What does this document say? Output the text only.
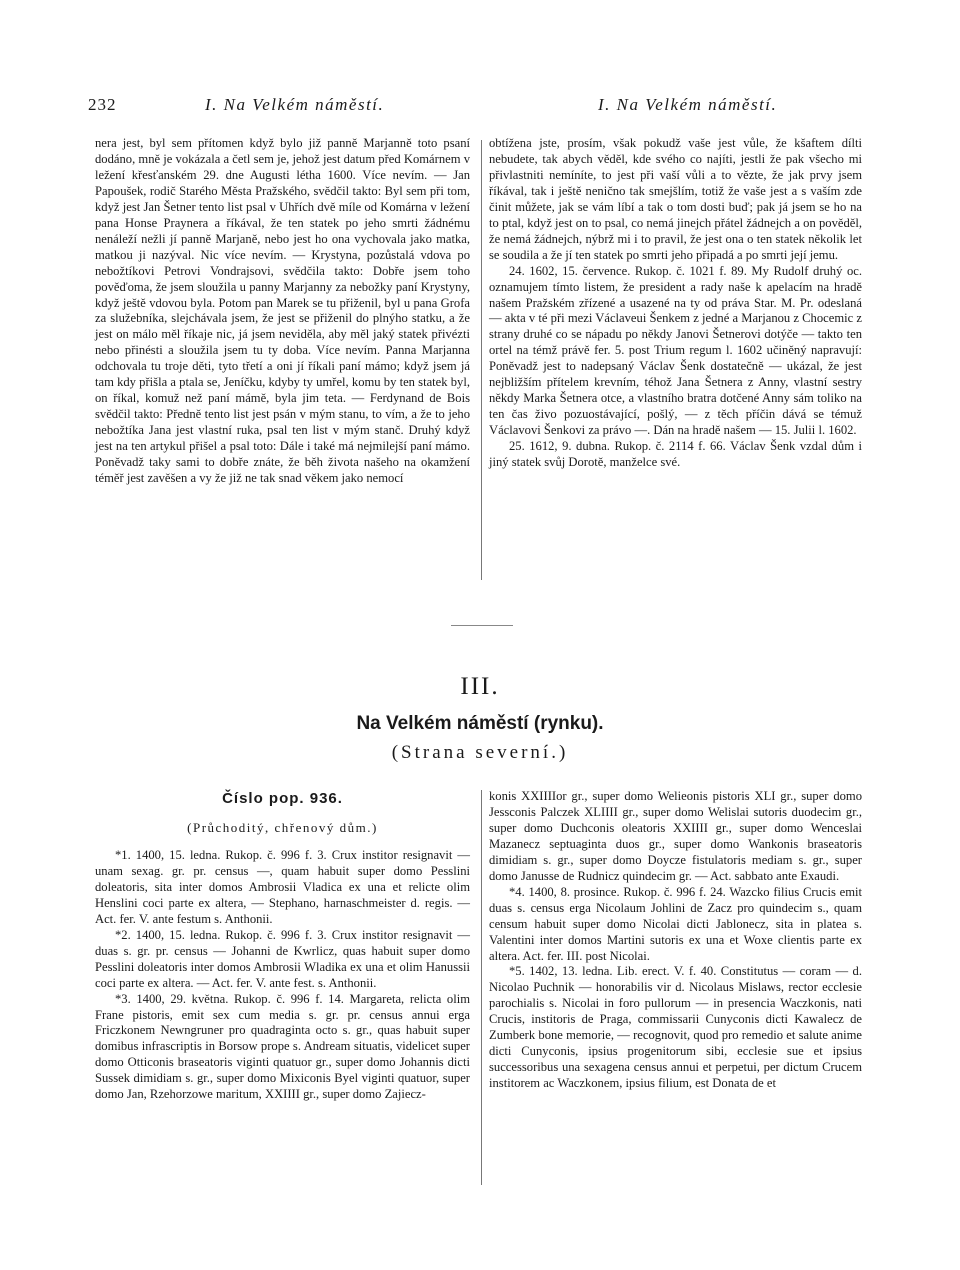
232	I. Na Velkém náměstí.	I. Na Velkém náměstí.

nera jest, byl sem přítomen když bylo již panně Marjanně toto psaní dodáno, mně je vokázala a četl sem je, jehož jest datum před Komárnem v ležení křesťanském 29. dne Augusti létha 1600. Více nevím. — Jan Papoušek, rodič Starého Města Pražského, svědčil takto: Byl sem při tom, když jest Jan Šetner tento list psal v Uhřích dvě míle od Komárna v ležení pana Honse Praynera a říkával, že ten statek po jeho smrti žádnému nenáleží nežli jí panně Marjaně, nebo jest ho ona vychovala jako matka, matkou ji nazýval. Nic více nevím. — Krystyna, pozůstalá vdova po nebožtíkovi Petrovi Vondrajsovi, svědčila takto: Dobře jsem toho pověďoma, že jsem sloužila u panny Marjanny za nebožky paní Krystyny, když ještě vdovou byla. Potom pan Marek se tu přiženil, byl u pana Grofa za služebníka, slejchávala jsem, že jest se přiženil do plnýho statku, a že jest on málo měl říkaje nic, já jsem neviděla, aby měl jaký statek přivézti nebo přinésti a sloužila jsem tu ty doba. Více nevím. Panna Marjanna odchovala tu troje děti, tyto třetí a oni jí říkali paní mámo; když jsem já tam kdy přišla a ptala se, Jeníčku, kdyby ty umřel, komu by ten statek byl, on říkal, komuž než paní mámě, byla jim teta. — Ferdynand de Bois svědčil takto: Předně tento list jest psán v mým stanu, to vím, a že to jeho nebožtíka Jana jest vlastní ruka, psal ten list v mým stanč. Druhý když jest na ten artykul přišel a psal toto: Dále i také má nejmilejší paní mámo. Poněvadž taky sami to dobře znáte, že běh života našeho na okamžení téměř jest zavěšen a vy že již ne tak snad věkem jako nemocí

obtížena jste, prosím, však pokudž vaše jest vůle, že kšaftem dílti nebudete, tak abych věděl, kde svého co najíti, jestli že pak všecho mi přivlastniti nemíníte, to jest při vaší vůli a to vězte, že jak prvy jsem říkával, tak i ještě nenično tak smejšlím, totiž že vaše jest a s vaším zde činit můžete, jak se vám líbí a tak o tom dosti buď; pak já jsem se ho na to ptal, když jest on to psal, co nemá jinejch přátel žádnejch a on pověděl, že nemá žádnejch, nýbrž mi i to pravil, že jest ona o ten statek několik let se soudila a že jí ten statek po smrti jeho připadá a po smrti její jemu.

24. 1602, 15. července. Rukop. č. 1021 f. 89. My Rudolf druhý oc. oznamujem tímto listem, že president a rady naše k apelacím na hradě našem Pražském zřízené a usazené na ty od práva Star. M. Pr. odeslaná — akta v té při mezi Václaveui Šenkem z jedné a Marjanou z Chocemic z strany druhé co se nápadu po někdy Janovi Šetnerovi dotýče — takto ten ortel na témž právě fer. 5. post Trium regum l. 1602 učiněný napravují: Poněvadž jest to nadepsaný Václav Šenk dostatečně — ukázal, že jest nejbližším přítelem krevním, téhož Jana Šetnera z Anny, vlastní sestry někdy Marka Šetnera otce, a vlastního bratra dotčené Anny sám toliko na ten čas živo pozuostávající, pošlý, — z těch příčin dává se témuž Václavovi Šenkovi za právo —. Dán na hradě našem — 15. Julii l. 1602.

25. 1612, 9. dubna. Rukop. č. 2114 f. 66. Václav Šenk vzdal dům i jiný statek svůj Dorotě, manželce své.

III.
Na Velkém náměstí (rynku).
(Strana severní.)
Číslo pop. 936.
(Průchoditý, chřenový dům.)

*1. 1400, 15. ledna. Rukop. č. 996 f. 3. Crux institor resignavit — unam sexag. gr. pr. census —, quam habuit super domo Pesslini doleatoris, sita inter domos Ambrosii Vladica ex una et relicte olim Henslini coci parte ex altera, — Stephano, harnaschmeister d. regis. — Act. fer. V. ante festum s. Anthonii.

*2. 1400, 15. ledna. Rukop. č. 996 f. 3. Crux institor resignavit — duas s. gr. pr. census — Johanni de Kwrlicz, quas habuit super domo Pesslini doleatoris inter domos Ambrosii Wladika ex una et olim Hanussii coci parte ex altera. — Act. fer. V. ante fest. s. Anthonii.

*3. 1400, 29. května. Rukop. č. 996 f. 14. Margareta, relicta olim Frane pistoris, emit sex cum media s. gr. pr. census annui erga Friczkonem Newngruner pro quadraginta octo s. gr., quas habuit super domibus infrascriptis in Borsow prope s. Andream situatis, videlicet super domo Otticonis braseatoris viginti quatuor gr., super domo Johannis dicti Sussek dimidiam s. gr., super domo Mixiconis Byel viginti quatuor, super domo Jan, Rzehorzowe maritum, XXIIII gr., super domo Zajiecz-

konis XXIIIIor gr., super domo Welieonis pistoris XLI gr., super domo Jessconis Palczek XLIIII gr., super domo Welislai sutoris duodecim gr., super domo Duchconis oleatoris XXIIII gr., super domo Wenceslai Mazanecz septuaginta duos gr., super domo Wankonis braseatoris dimidiam s. gr., super domo Doycze fistulatoris mediam s. gr., super domo Janusse de Rudnicz quindecim gr. — Act. sabbato ante Exaudi.

*4. 1400, 8. prosince. Rukop. č. 996 f. 24. Wazcko filius Crucis emit duas s. census erga Nicolaum Johlini de Zacz pro quindecim s., quam censum habuit super domo Nicolai dicti Jablonecz, sita in platea s. Valentini inter domos Martini sutoris ex una et Woxe clientis parte ex altera. Act. fer. III. post Nicolai.

*5. 1402, 13. ledna. Lib. erect. V. f. 40. Constitutus — coram — d. Nicolao Puchnik — honorabilis vir d. Nicolaus Mislaws, rector ecclesie parochialis s. Nicolai in foro pullorum — in presencia Waczkonis, nati Crucis, institoris de Praga, commissarii Cunyconis dicti Kawalecz de Zumberk bone memorie, — recognovit, quod pro remedio et salute anime dicti Cunyconis, ipsius progenitorum sibi, ecclesie sue et ipsius successoribus una sexagena census annui et perpetui, per dictum Crucem institorem ac Waczkonem, ipsius filium, est Donata de et
